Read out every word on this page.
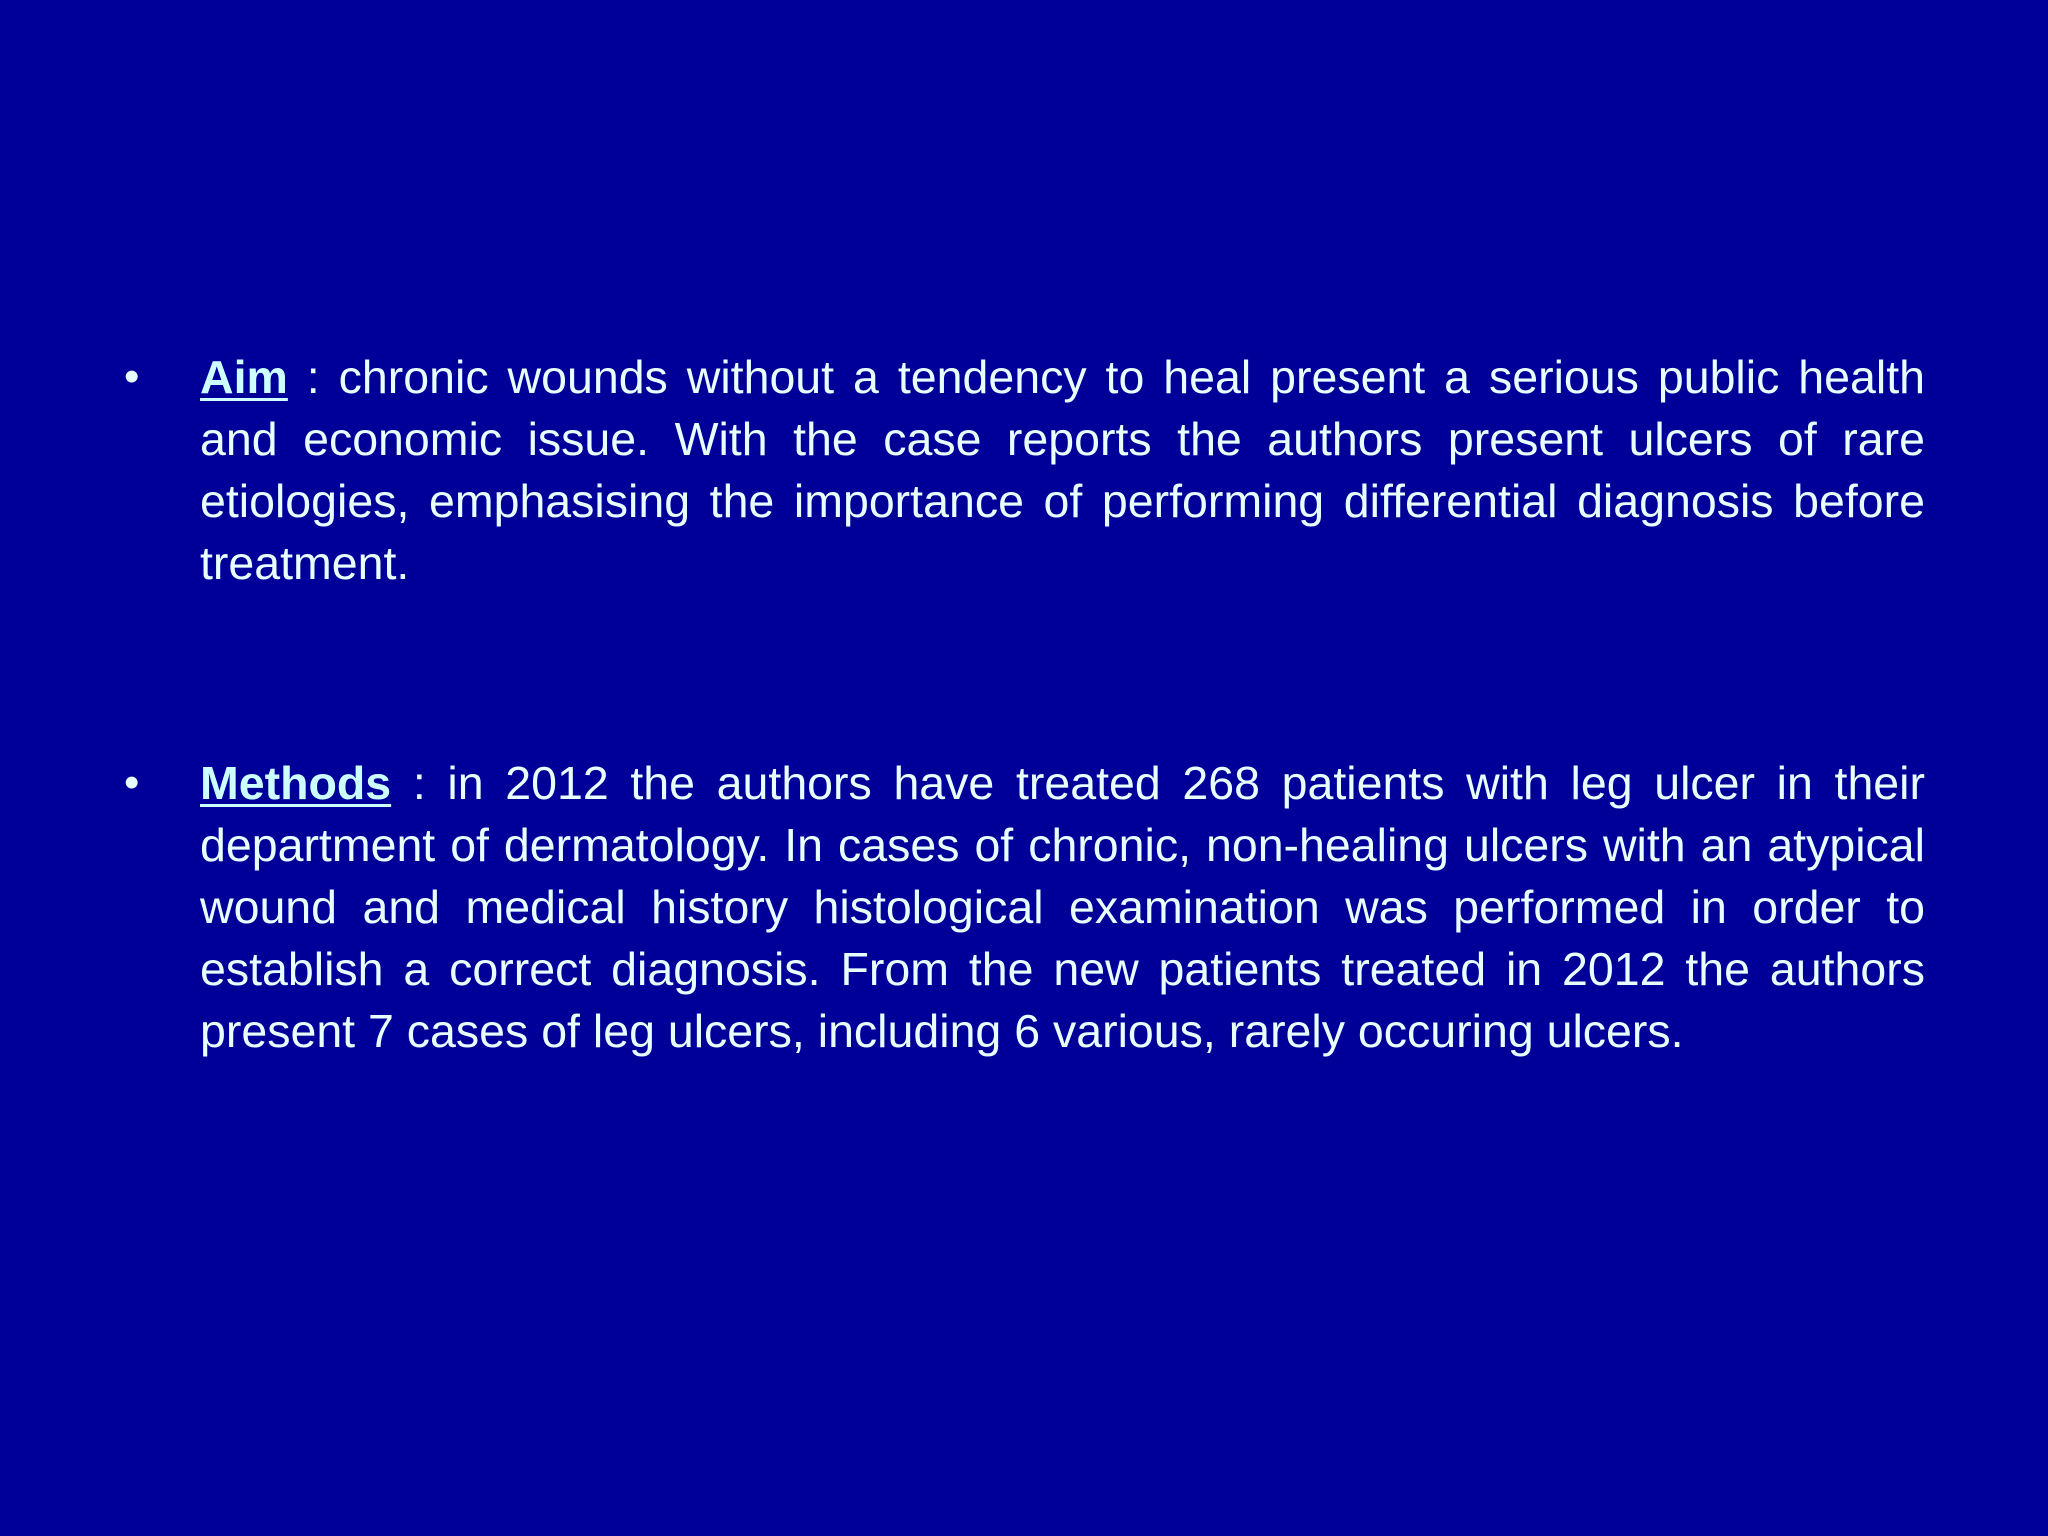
• Aim : chronic wounds without a tendency to heal present a serious public health and economic issue. With the case reports the authors present ulcers of rare etiologies, emphasising the importance of performing differential diagnosis before treatment.

• Methods : in 2012 the authors have treated 268 patients with leg ulcer in their department of dermatology. In cases of chronic, non-healing ulcers with an atypical wound and medical history histological examination was performed in order to establish a correct diagnosis. From the new patients treated in 2012 the authors present 7 cases of leg ulcers, including 6 various, rarely occuring ulcers.
